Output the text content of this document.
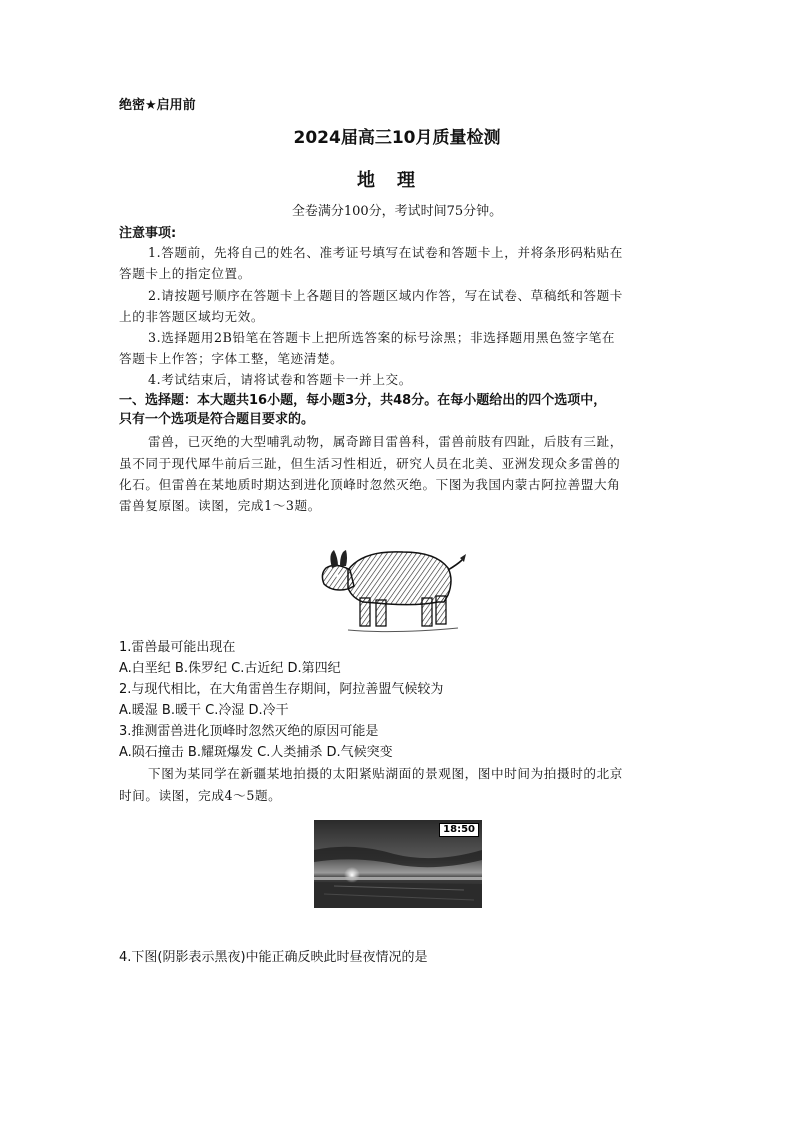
绝密★启用前
2024届高三10月质量检测
地理
全卷满分100分，考试时间75分钟。
注意事项:
1.答题前，先将自己的姓名、准考证号填写在试卷和答题卡上，并将条形码粘贴在
答题卡上的指定位置。
2.请按题号顺序在答题卡上各题目的答题区域内作答，写在试卷、草稿纸和答题卡
上的非答题区域均无效。
3.选择题用2B铅笔在答题卡上把所选答案的标号涂黑；非选择题用黑色签字笔在
答题卡上作答；字体工整，笔迹清楚。
4.考试结束后，请将试卷和答题卡一并上交。
一、选择题：本大题共16小题，每小题3分，共48分。在每小题给出的四个选项中，
只有一个选项是符合题目要求的。
雷兽，已灭绝的大型哺乳动物，属奇蹄目雷兽科，雷兽前肢有四趾，后肢有三趾，
虽不同于现代犀牛前后三趾，但生活习性相近，研究人员在北美、亚洲发现众多雷兽的
化石。但雷兽在某地质时期达到进化顶峰时忽然灭绝。下图为我国内蒙古阿拉善盟大角
雷兽复原图。读图，完成1～3题。
1.雷兽最可能出现在
A.白垩纪 B.侏罗纪 C.古近纪 D.第四纪
2.与现代相比，在大角雷兽生存期间，阿拉善盟气候较为
A.暖湿 B.暖干 C.冷湿 D.冷干
3.推测雷兽进化顶峰时忽然灭绝的原因可能是
A.陨石撞击 B.耀斑爆发 C.人类捕杀 D.气候突变
下图为某同学在新疆某地拍摄的太阳紧贴湖面的景观图，图中时间为拍摄时的北京
时间。读图，完成4～5题。
18:50
4.下图(阴影表示黑夜)中能正确反映此时昼夜情况的是
